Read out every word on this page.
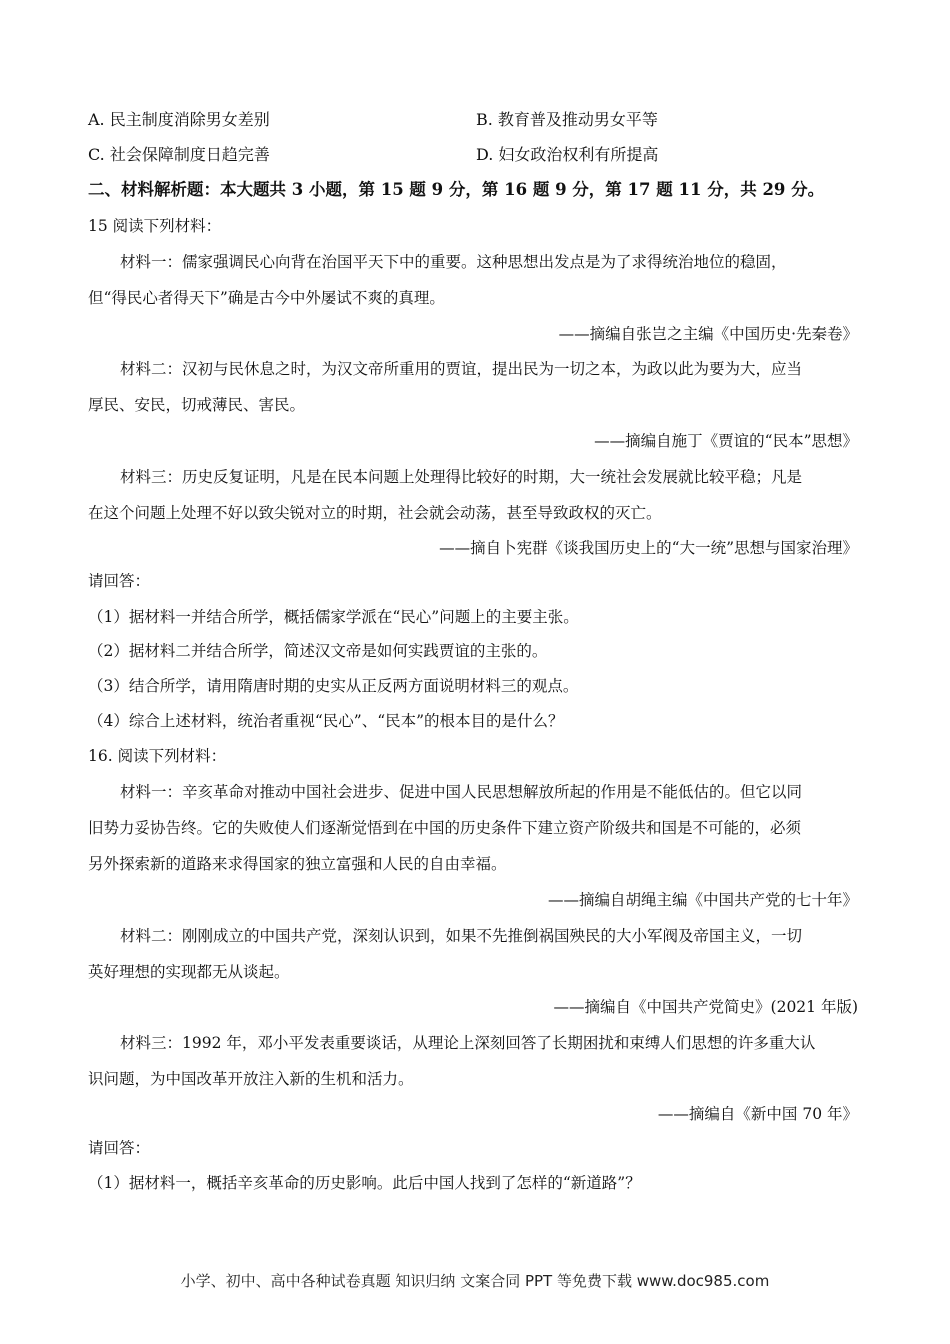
A. 民主制度消除男女差别	B. 教育普及推动男女平等
C. 社会保障制度日趋完善	D. 妇女政治权利有所提高
二、材料解析题：本大题共 3 小题，第 15 题 9 分，第 16 题 9 分，第 17 题 11 分，共 29 分。
15 阅读下列材料：
材料一：儒家强调民心向背在治国平天下中的重要。这种思想出发点是为了求得统治地位的稳固，
但“得民心者得天下”确是古今中外屡试不爽的真理。
——摘编自张岂之主编《中国历史·先秦卷》
材料二：汉初与民休息之时，为汉文帝所重用的贾谊，提出民为一切之本，为政以此为要为大，应当
厚民、安民，切戒薄民、害民。
——摘编自施丁《贾谊的“民本”思想》
材料三：历史反复证明，凡是在民本问题上处理得比较好的时期，大一统社会发展就比较平稳；凡是
在这个问题上处理不好以致尖锐对立的时期，社会就会动荡，甚至导致政权的灭亡。
——摘自卜宪群《谈我国历史上的“大一统”思想与国家治理》
请回答：
（1）据材料一并结合所学，概括儒家学派在“民心”问题上的主要主张。
（2）据材料二并结合所学，简述汉文帝是如何实践贾谊的主张的。
（3）结合所学，请用隋唐时期的史实从正反两方面说明材料三的观点。
（4）综合上述材料，统治者重视“民心”、“民本”的根本目的是什么？
16. 阅读下列材料：
材料一：辛亥革命对推动中国社会进步、促进中国人民思想解放所起的作用是不能低估的。但它以同
旧势力妥协告终。它的失败使人们逐渐觉悟到在中国的历史条件下建立资产阶级共和国是不可能的，必须
另外探索新的道路来求得国家的独立富强和人民的自由幸福。
——摘编自胡绳主编《中国共产党的七十年》
材料二：刚刚成立的中国共产党，深刻认识到，如果不先推倒祸国殃民的大小军阀及帝国主义，一切
英好理想的实现都无从谈起。
——摘编自《中国共产党简史》(2021 年版)
材料三：1992 年，邓小平发表重要谈话，从理论上深刻回答了长期困扰和束缚人们思想的许多重大认
识问题，为中国改革开放注入新的生机和活力。
——摘编自《新中国 70 年》
请回答：
（1）据材料一，概括辛亥革命的历史影响。此后中国人找到了怎样的“新道路”？
小学、初中、高中各种试卷真题 知识归纳 文案合同 PPT 等免费下载 www.doc985.com
